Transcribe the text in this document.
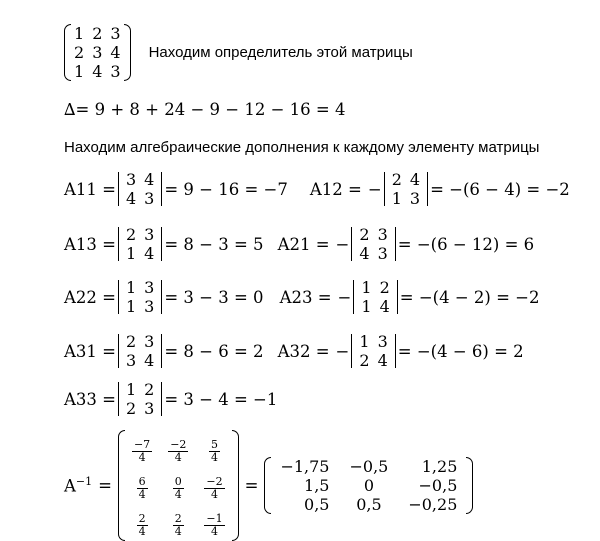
1	2	3
2	3	4
1	4	3
Находим определитель этой матрицы
∆= 9 + 8 + 24 − 9 − 12 − 16 = 4
Находим алгебраические дополнения к каждому элементу матрицы
A11 = 3	4
4	3 = 9 − 16 = −7 A12 = − 2	4
1	3 = −(6 − 4) = −2
A13 = 2	3
1	4 = 8 − 3 = 5 A21 = − 2	3
4	3 = −(6 − 12) = 6
A22 = 1	3
1	3 = 3 − 3 = 0 A23 = − 1	2
1	4 = −(4 − 2) = −2
A31 = 2	3
3	4 = 8 − 6 = 2 A32 = − 1	3
2	4 = −(4 − 6) = 2
A33 = 1	2
2	3 = 3 − 4 = −1
$A^{-1}$ =
$\frac{-7}{4}$	$\frac{-2}{4}$	$\frac{5}{4}$

$\frac{6}{4}$	$\frac{0}{4}$	$\frac{-2}{4}$

$\frac{2}{4}$	$\frac{2}{4}$	$\frac{-1}{4}$
=
−1,75	−0,5	1,25
1,5	0	−0,5
0,5	0,5	−0,25
